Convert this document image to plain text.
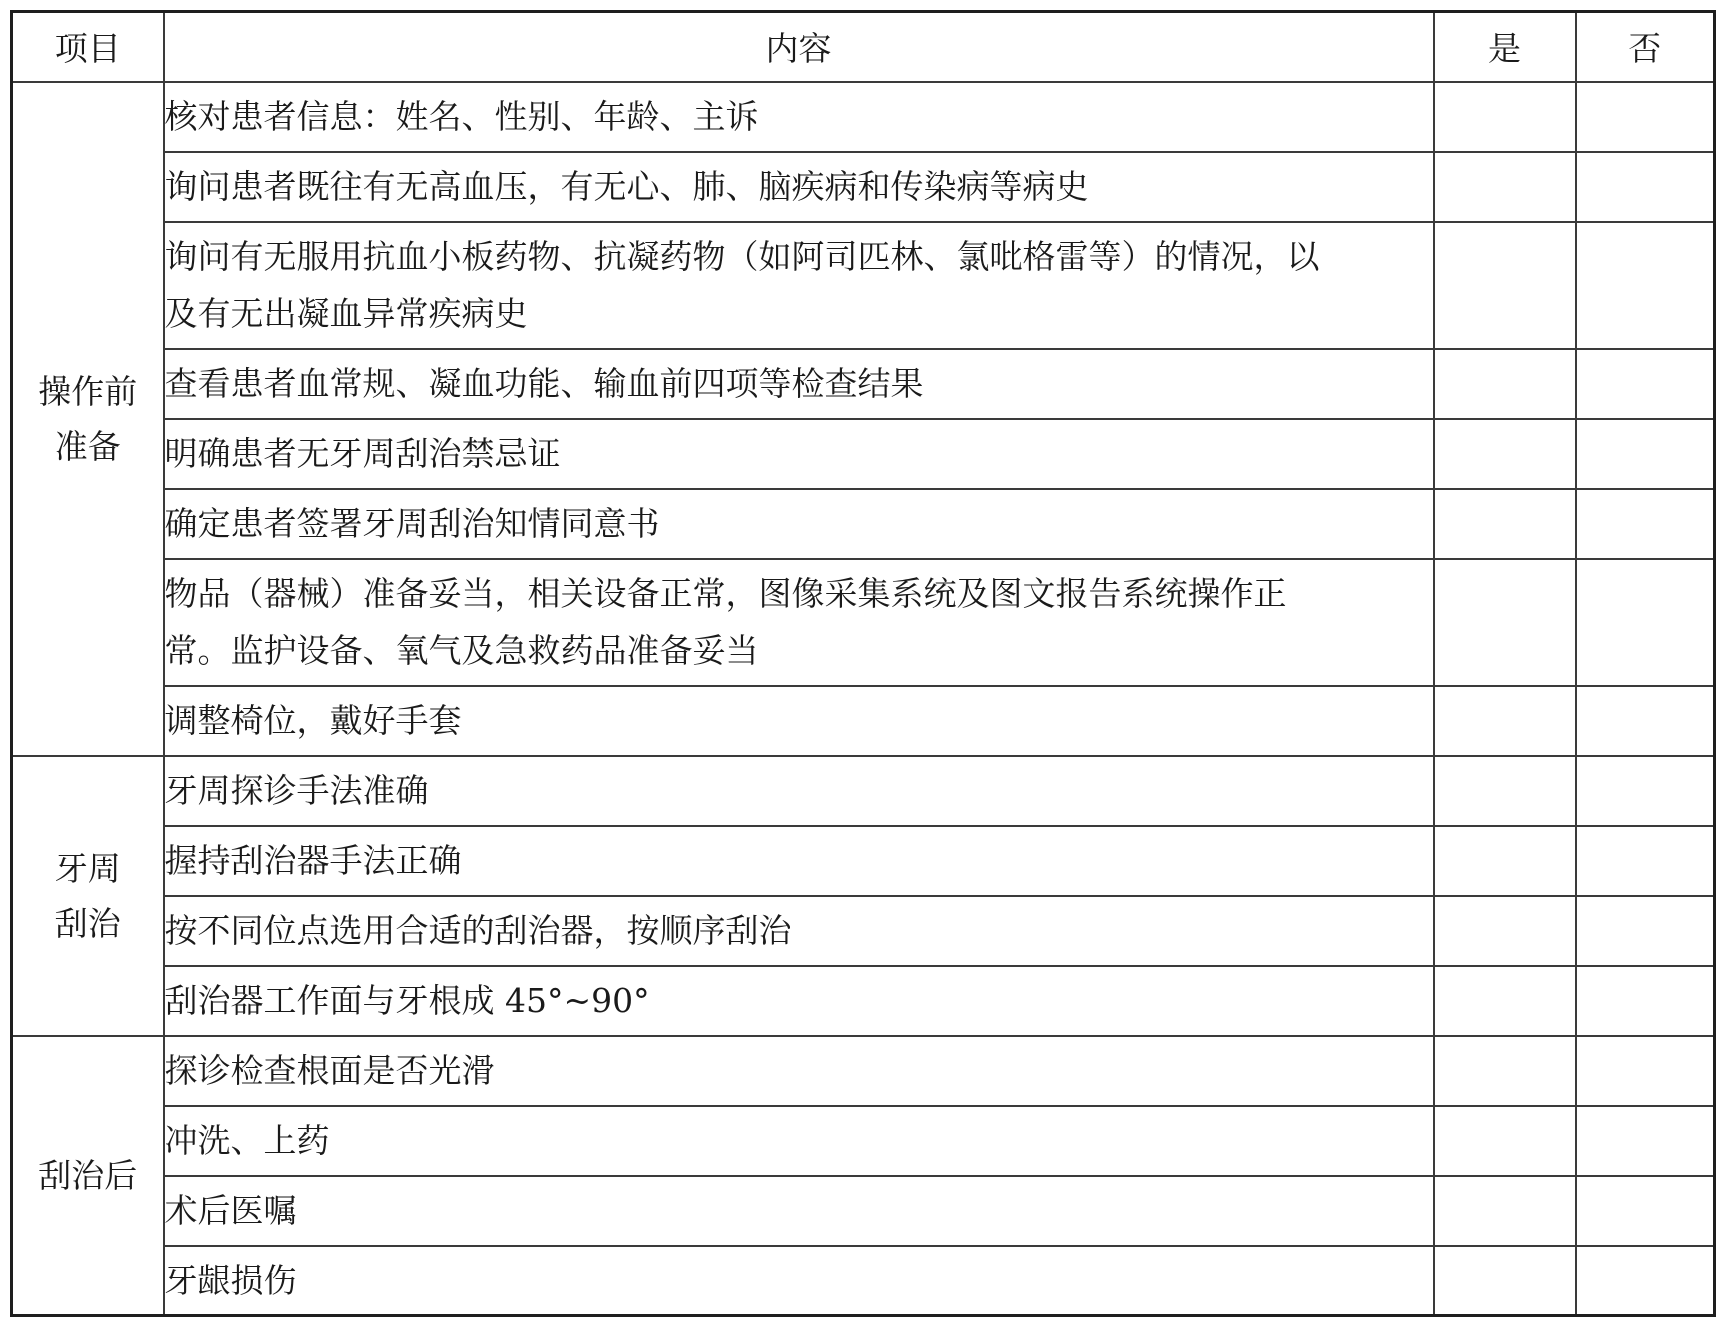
项目	内容	是	否

操作前
准备	核对患者信息：姓名、性别、年龄、主诉		

	询问患者既往有无高血压，有无心、肺、脑疾病和传染病等病史		

	询问有无服用抗血小板药物、抗凝药物（如阿司匹林、氯吡格雷等）的情况，以
及有无出凝血异常疾病史		

	查看患者血常规、凝血功能、输血前四项等检查结果		

	明确患者无牙周刮治禁忌证		

	确定患者签署牙周刮治知情同意书		

	物品（器械）准备妥当，相关设备正常，图像采集系统及图文报告系统操作正
常。监护设备、氧气及急救药品准备妥当		

	调整椅位，戴好手套		

牙周
刮治	牙周探诊手法准确		

	握持刮治器手法正确		

	按不同位点选用合适的刮治器，按顺序刮治		

	刮治器工作面与牙根成 45°~90°		

刮治后	探诊检查根面是否光滑		

	冲洗、上药		

	术后医嘱		

	牙龈损伤		
